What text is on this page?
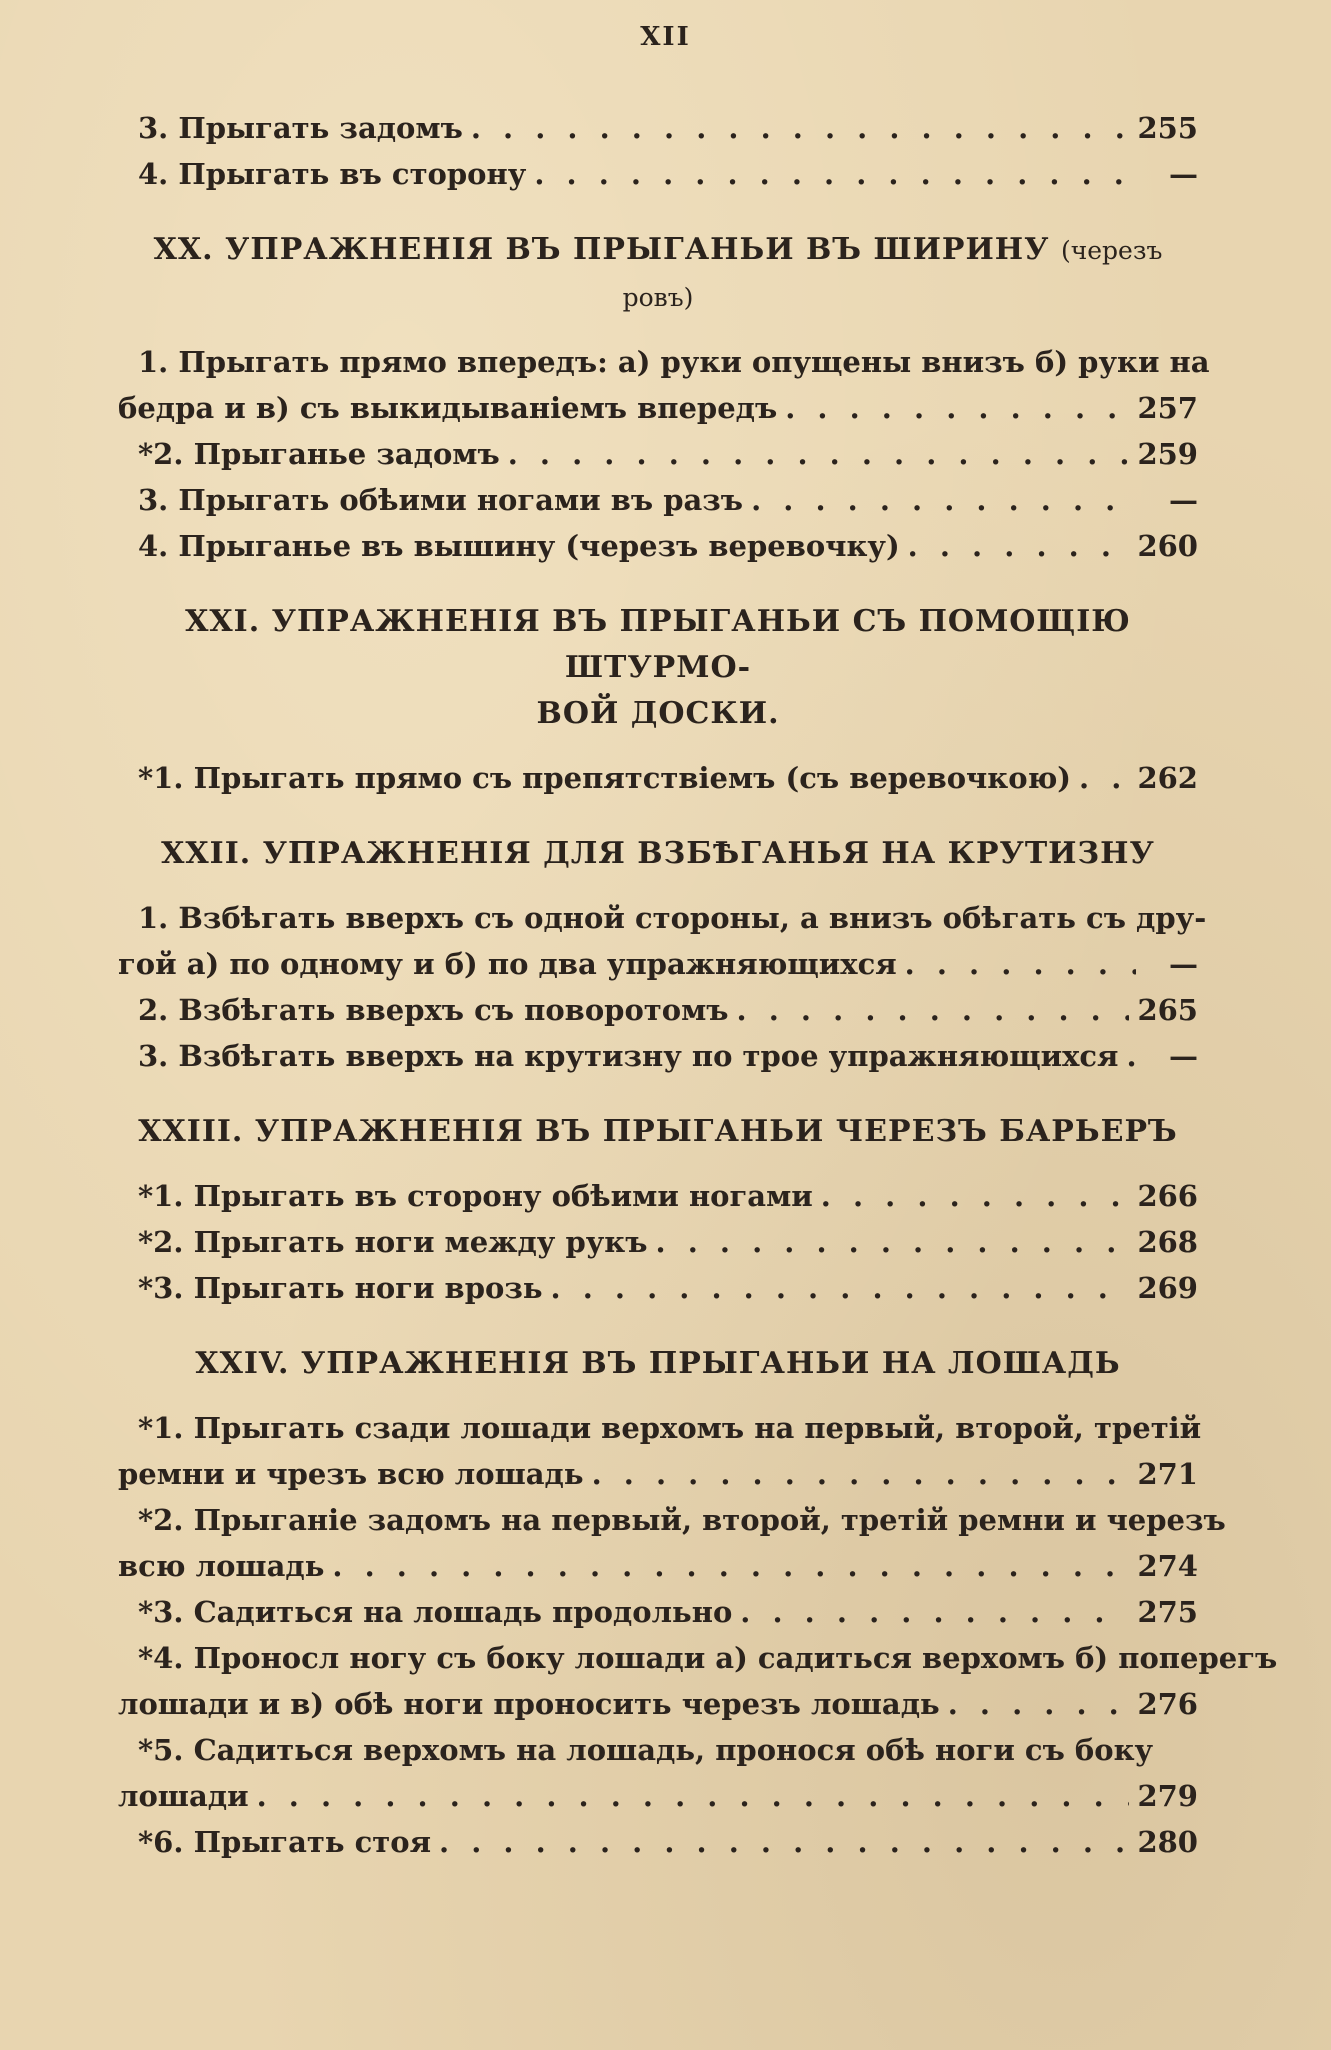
XII
3. Прыгать задомъ . . .	255
4. Прыгать въ сторону . . .	—
XX. УПРАЖНЕНІЯ ВЪ ПРЫГАНЬИ ВЪ ШИРИНУ (черезъ ровъ)
1. Прыгать прямо впередъ: а) руки опущены внизъ б) руки на
бедра и в) съ выкидываніемъ впередъ . . .	257
*2. Прыганье задомъ . . .	259
3. Прыгать обѣими ногами въ разъ . . .	—
4. Прыганье въ вышину (черезъ веревочку) . . .	260
XXI. УПРАЖНЕНІЯ ВЪ ПРЫГАНЬИ СЪ ПОМОЩІЮ ШТУРМО-
ВОЙ ДОСКИ.
*1. Прыгать прямо съ препятствіемъ (съ веревочкою) . . . 262
XXII. УПРАЖНЕНІЯ ДЛЯ ВЗБѢГАНЬЯ НА КРУТИЗНУ
1. Взбѣгать вверхъ съ одной стороны, а внизъ обѣгать съ дру-
гой а) по одному и б) по два упражняющихся . . .	—
2. Взбѣгать вверхъ съ поворотомъ . . .	265
3. Взбѣгать вверхъ на крутизну по трое упражняющихся . . .	—
XXIII. УПРАЖНЕНІЯ ВЪ ПРЫГАНЬИ ЧЕРЕЗЪ БАРЬЕРЪ
*1. Прыгать въ сторону обѣими ногами . . .	266
*2. Прыгать ноги между рукъ . . .	268
*3. Прыгать ноги врозь . . .	269
XXIV. УПРАЖНЕНІЯ ВЪ ПРЫГАНЬИ НА ЛОШАДЬ
*1. Прыгать сзади лошади верхомъ на первый, второй, третій
ремни и чрезъ всю лошадь . . .	271
*2. Прыганіе задомъ на первый, второй, третій ремни и черезъ
всю лошадь . . .	274
*3. Садиться на лошадь продольно . . .	275
*4. Проносл ногу съ боку лошади а) садиться верхомъ б) поперегъ
лошади и в) обѣ ноги проносить черезъ лошадь . . .	276
*5. Садиться верхомъ на лошадь, пронося обѣ ноги съ боку
лошади . . .	279
*6. Прыгать стоя . . .	280
